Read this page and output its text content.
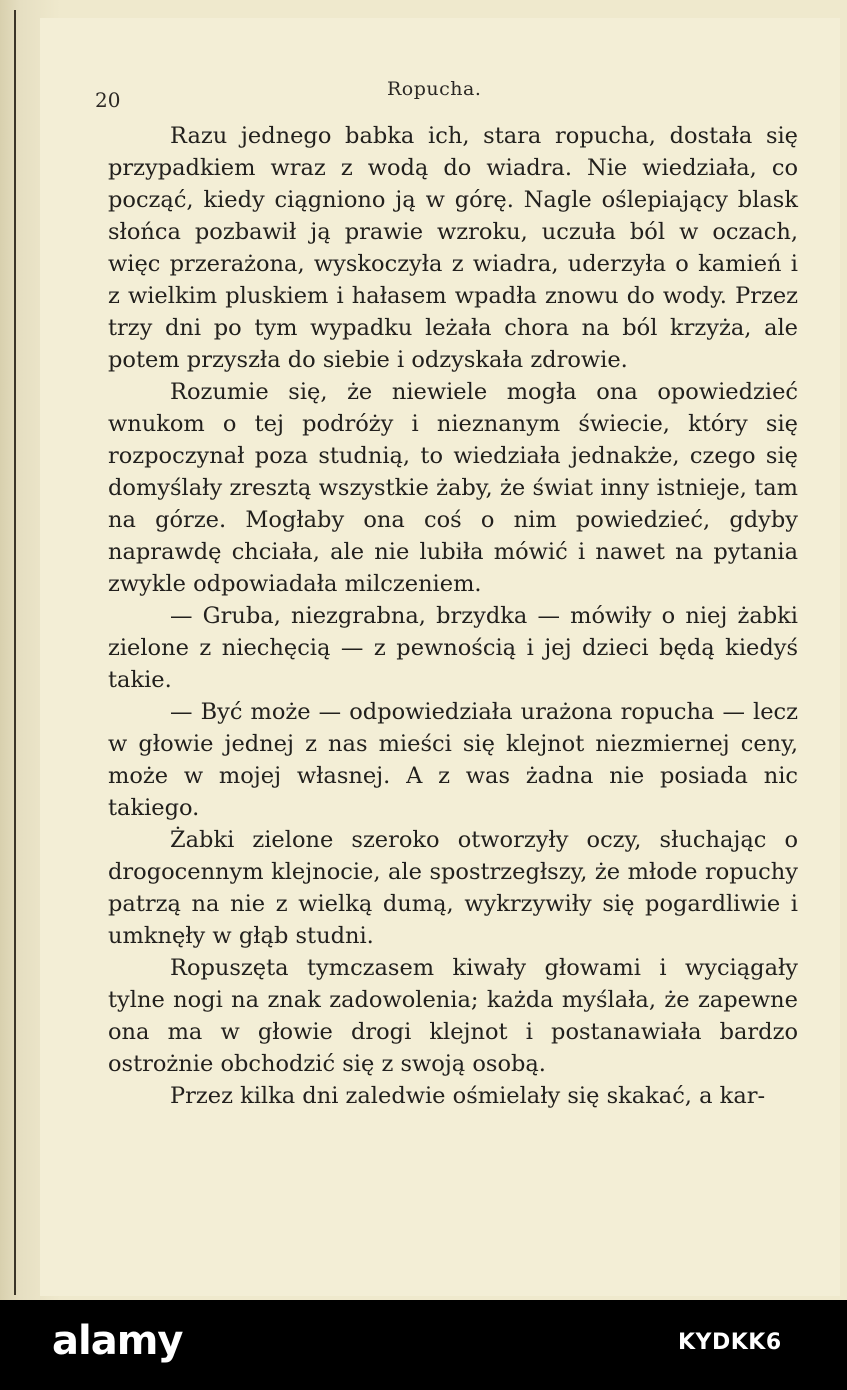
20	Ropucha.

Razu jednego babka ich, stara ropucha, dostała się przypadkiem wraz z wodą do wiadra. Nie wiedziała, co począć, kiedy ciągniono ją w górę. Nagle oślepiający blask słońca pozbawił ją prawie wzroku, uczuła ból w oczach, więc przerażona, wyskoczyła z wiadra, uderzyła o kamień i z wielkim pluskiem i hałasem wpadła znowu do wody. Przez trzy dni po tym wypadku leżała chora na ból krzyża, ale potem przyszła do siebie i odzyskała zdrowie.

Rozumie się, że niewiele mogła ona opowiedzieć wnukom o tej podróży i nieznanym świecie, który się rozpoczynał poza studnią, to wiedziała jednakże, czego się domyślały zresztą wszystkie żaby, że świat inny istnieje, tam na górze. Mogłaby ona coś o nim powiedzieć, gdyby naprawdę chciała, ale nie lubiła mówić i nawet na pytania zwykle odpowiadała milczeniem.

— Gruba, niezgrabna, brzydka — mówiły o niej żabki zielone z niechęcią — z pewnością i jej dzieci będą kiedyś takie.

— Być może — odpowiedziała urażona ropucha — lecz w głowie jednej z nas mieści się klejnot niezmiernej ceny, może w mojej własnej. A z was żadna nie posiada nic takiego.

Żabki zielone szeroko otworzyły oczy, słuchając o drogocennym klejnocie, ale spostrzegłszy, że młode ropuchy patrzą na nie z wielką dumą, wykrzywiły się pogardliwie i umknęły w głąb studni.

Ropuszęta tymczasem kiwały głowami i wyciągały tylne nogi na znak zadowolenia; każda myślała, że zapewne ona ma w głowie drogi klejnot i postanawiała bardzo ostrożnie obchodzić się z swoją osobą.

Przez kilka dni zaledwie ośmielały się skakać, a kar-

alamy	KYDKK6
